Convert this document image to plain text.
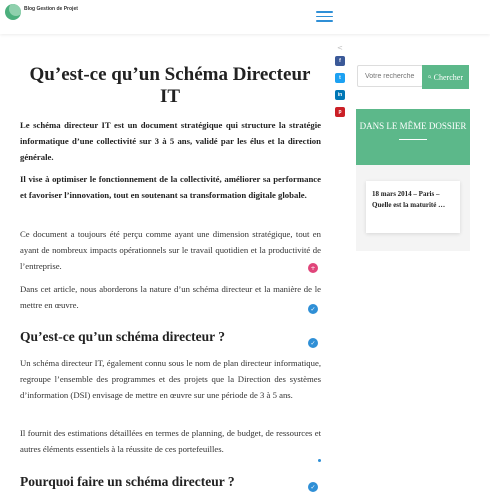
Blog Gestion de Projet
Qu’est-ce qu’un Schéma Directeur IT

Le schéma directeur IT est un document stratégique qui structure la stratégie informatique d’une collectivité sur 3 à 5 ans, validé par les élus et la direction générale.

Il vise à optimiser le fonctionnement de la collectivité, améliorer sa performance et favoriser l’innovation, tout en soutenant sa transformation digitale globale.

Ce document a toujours été perçu comme ayant une dimension stratégique, tout en ayant de nombreux impacts opérationnels sur le travail quotidien et la productivité de l’entreprise.

Dans cet article, nous aborderons la nature d’un schéma directeur et la manière de le mettre en œuvre.

Qu’est-ce qu’un schéma directeur ?

Un schéma directeur IT, également connu sous le nom de plan directeur informatique, regroupe l’ensemble des programmes et des projets que la Direction des systèmes d’information (DSI) envisage de mettre en œuvre sur une période de 3 à 5 ans.

Il fournit des estimations détaillées en termes de planning, de budget, de ressources et autres éléments essentiels à la réussite de ces portefeuilles.

Pourquoi faire un schéma directeur ?
<
f
t
in
p
+
✓
✓
✓
Votre recherche
Chercher
DANS LE MÊME DOSSIER
18 mars 2014 – Paris – Quelle est la maturité …
